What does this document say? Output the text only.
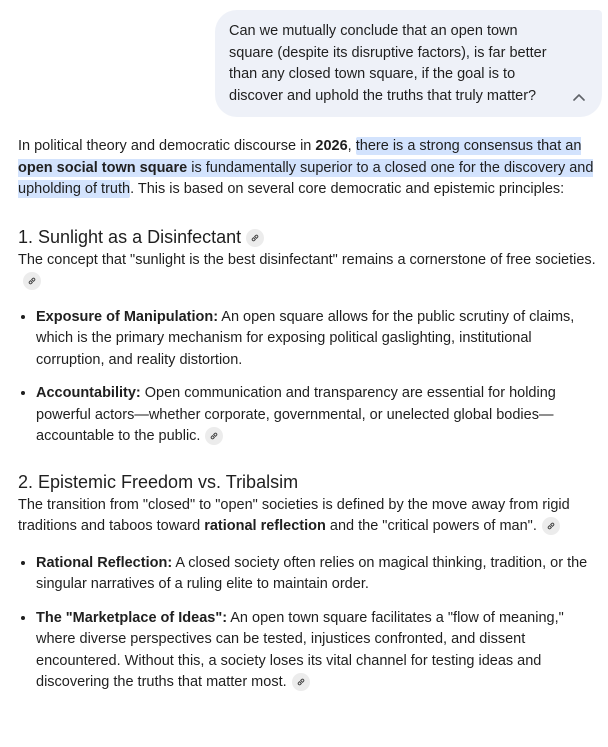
Can we mutually conclude that an open town square (despite its disruptive factors), is far better than any closed town square, if the goal is to discover and uphold the truths that truly matter?

In political theory and democratic discourse in 2026, there is a strong consensus that an open social town square is fundamentally superior to a closed one for the discovery and upholding of truth. This is based on several core democratic and epistemic principles:

1. Sunlight as a Disinfectant

The concept that "sunlight is the best disinfectant" remains a cornerstone of free societies.

• Exposure of Manipulation: An open square allows for the public scrutiny of claims, which is the primary mechanism for exposing political gaslighting, institutional corruption, and reality distortion.
• Accountability: Open communication and transparency are essential for holding powerful actors—whether corporate, governmental, or unelected global bodies—accountable to the public.
2. Epistemic Freedom vs. Tribalsim

The transition from "closed" to "open" societies is defined by the move away from rigid traditions and taboos toward rational reflection and the "critical powers of man".

• Rational Reflection: A closed society often relies on magical thinking, tradition, or the singular narratives of a ruling elite to maintain order.
• The "Marketplace of Ideas": An open town square facilitates a "flow of meaning," where diverse perspectives can be tested, injustices confronted, and dissent encountered. Without this, a society loses its vital channel for testing ideas and discovering the truths that matter most.
